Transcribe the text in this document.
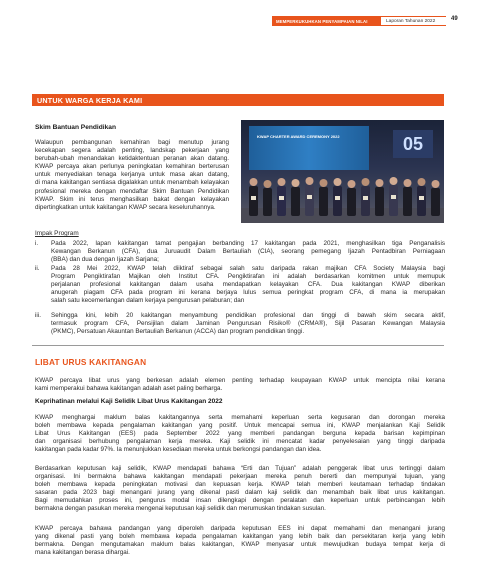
MEMPERKUKUHKAN PENYAMPAIAN NILAI	Laporan Tahunan 2022	49
UNTUK WARGA KERJA KAMI
Skim Bantuan Pendidikan
Walaupun pembangunan kemahiran bagi menutup jurang
kecekapan segera adalah penting, landskap pekerjaan yang
berubah-ubah menandakan ketidaktentuan peranan akan datang.
KWAP percaya akan perlunya peningkatan kemahiran berterusan
untuk menyediakan tenaga kerjanya untuk masa akan datang,
di mana kakitangan sentiasa digalakkan untuk menambah kelayakan
profesional mereka dengan mendaftar Skim Bantuan Pendidikan
KWAP. Skim ini terus menghasilkan bakat dengan kelayakan
dipertingkatkan untuk kakitangan KWAP secara keseluruhannya.
KWAP CHARTER AWARD CEREMONY 2022	05
Impak Program
i. Pada 2022, lapan kakitangan tamat pengajian berbanding 17 kakitangan pada 2021, menghasilkan tiga Penganalisis
Kewangan Berkanun (CFA), dua Juruaudit Dalam Bertauliah (CIA), seorang pemegang Ijazah Pentadbiran Perniagaan
(BBA) dan dua dengan Ijazah Sarjana;
ii. Pada 28 Mei 2022, KWAP telah diiktiraf sebagai salah satu daripada rakan majikan CFA Society Malaysia bagi
Program Pengiktirafan Majikan oleh Institut CFA. Pengiktirafan ini adalah berdasarkan komitmen untuk memupuk
perjalanan profesional kakitangan dalam usaha mendapatkan kelayakan CFA. Dua kakitangan KWAP diberikan
anugerah piagam CFA pada program ini kerana berjaya lulus semua peringkat program CFA, di mana ia merupakan
salah satu kecemerlangan dalam kerjaya pengurusan pelaburan; dan
iii. Sehingga kini, lebih 20 kakitangan menyambung pendidikan profesional dan tinggi di bawah skim secara aktif,
termasuk program CFA, Pensijilan dalam Jaminan Pengurusan Risiko® (CRMA®), Sijil Pasaran Kewangan Malaysia
(PKMC), Persatuan Akauntan Bertauliah Berkanun (ACCA) dan program pendidikan tinggi.
LIBAT URUS KAKITANGAN
KWAP percaya libat urus yang berkesan adalah elemen penting terhadap keupayaan KWAP untuk mencipta nilai kerana
kami memperakui bahawa kakitangan adalah aset paling berharga.
Keprihatinan melalui Kaji Selidik Libat Urus Kakitangan 2022
KWAP menghargai maklum balas kakitangannya serta memahami keperluan serta kegusaran dan dorongan mereka
boleh membawa kepada pengalaman kakitangan yang positif. Untuk mencapai semua ini, KWAP menjalankan Kaji Selidik
Libat Urus Kakitangan (EES) pada September 2022 yang memberi pandangan berguna kepada barisan kepimpinan
dan organisasi berhubung pengalaman kerja mereka. Kaji selidik ini mencatat kadar penyelesaian yang tinggi daripada
kakitangan pada kadar 97%. Ia menunjukkan kesediaan mereka untuk berkongsi pandangan dan idea.
Berdasarkan keputusan kaji selidik, KWAP mendapati bahawa “Erti dan Tujuan” adalah penggerak libat urus tertinggi dalam
organisasi. Ini bermakna bahawa kakitangan mendapati pekerjaan mereka penuh bererti dan mempunyai tujuan, yang
boleh membawa kepada peningkatan motivasi dan kepuasan kerja. KWAP telah memberi keutamaan terhadap tindakan
sasaran pada 2023 bagi menangani jurang yang dikenal pasti dalam kaji selidik dan menambah baik libat urus kakitangan.
Bagi memudahkan proses ini, pengurus modal insan dilengkapi dengan peralatan dan keperluan untuk perbincangan lebih
bermakna dengan pasukan mereka mengenai keputusan kaji selidik dan merumuskan tindakan susulan.
KWAP percaya bahawa pandangan yang diperoleh daripada keputusan EES ini dapat memahami dan menangani jurang
yang dikenal pasti yang boleh membawa kepada pengalaman kakitangan yang lebih baik dan persekitaran kerja yang lebih
bermakna. Dengan mengutamakan maklum balas kakitangan, KWAP menyasar untuk mewujudkan budaya tempat kerja di
mana kakitangan berasa dihargai.
